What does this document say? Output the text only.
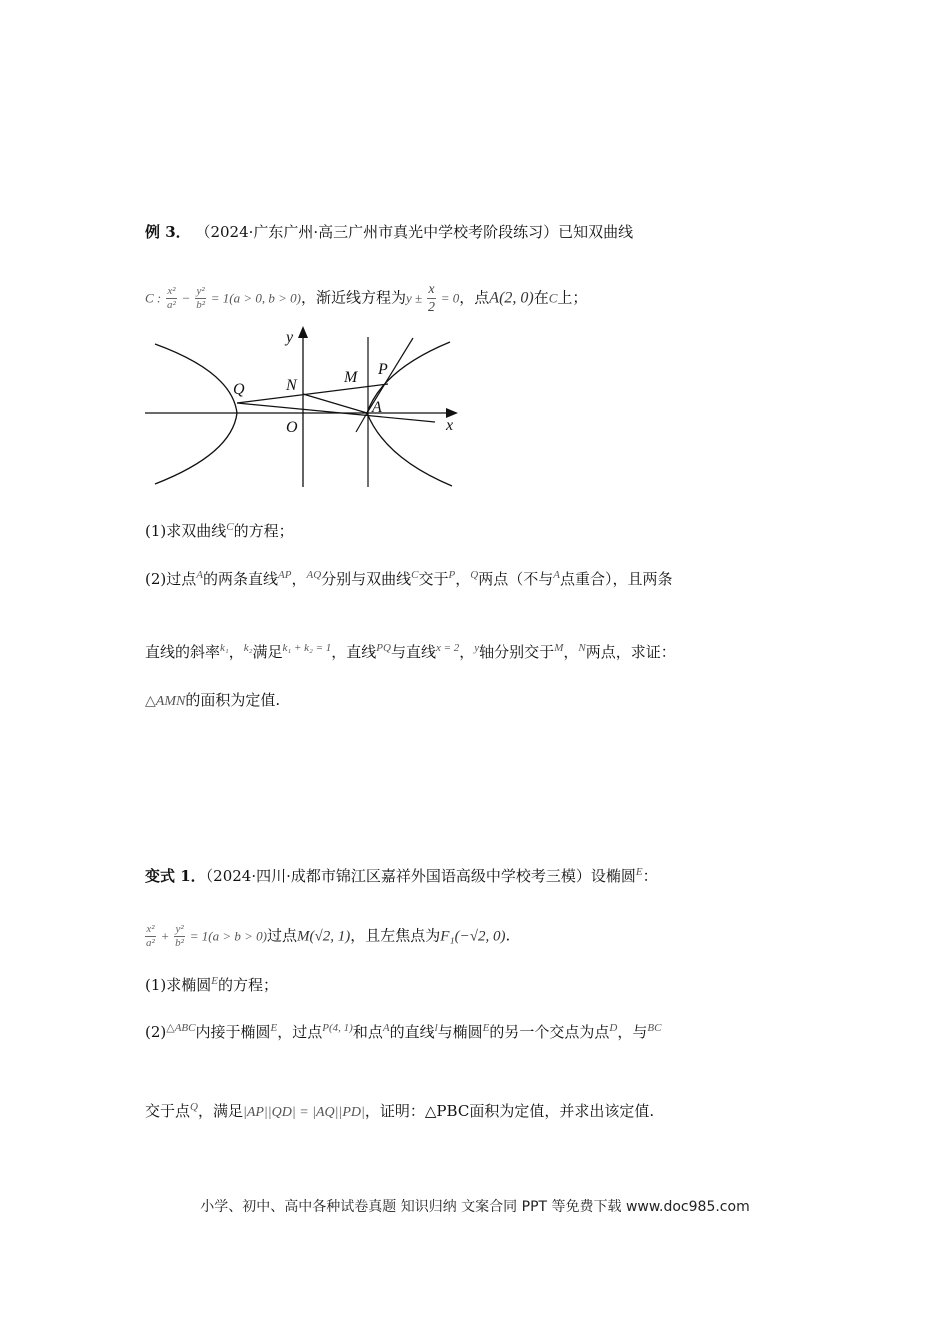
例 3． （2024·广东广州·高三广州市真光中学校考阶段练习）已知双曲线
C : $\frac{\text{x²}}{\text{a²}} - \frac{\text{y²}}{\text{b²}} = 1(a > 0$, b > 0)，渐近线方程为$y \pm \frac{x}{2} = 0$，点A(2, 0)在C上；
y
x
O
Q	N	M P
A
(1)求双曲线$^C$的方程；
(2)过点$^A$的两条直线$^{AP}$，$^{AQ}$分别与双曲线$^C$交于$^P$，$^Q$两点（不与$^A$点重合），且两条
直线的斜率$^{k_1}$，$^{k_2}$满足$^{k_1 + k_2 = 1}$，直线$^{PQ}$与直线$^{x = 2}$，$^y$轴分别交于$^M$，$^N$两点，求证：
△AMN的面积为定值.
变式 1．（2024·四川·成都市锦江区嘉祥外国语高级中学校考三模）设椭圆$^E$：
$\frac{\text{x²}}{\text{a²}} + \frac{\text{y²}}{\text{b²}} = 1(a > b > 0)$过点M(√2, 1)，且左焦点为F₁(−√2, 0).
(1)求椭圆$^E$的方程；
$(2)^{\triangle ABC}$内接于椭圆$^E$，过点$^{P(4, 1)}$和点$^A$的直线$^l$与椭圆$^E$的另一个交点为点$^D$，与$^{BC}$
交于点$^Q$，满足|AP||QD| = |AQ||PD|，证明：△PBC面积为定值，并求出该定值.
小学、初中、高中各种试卷真题 知识归纳 文案合同 PPT 等免费下载 www.doc985.com
